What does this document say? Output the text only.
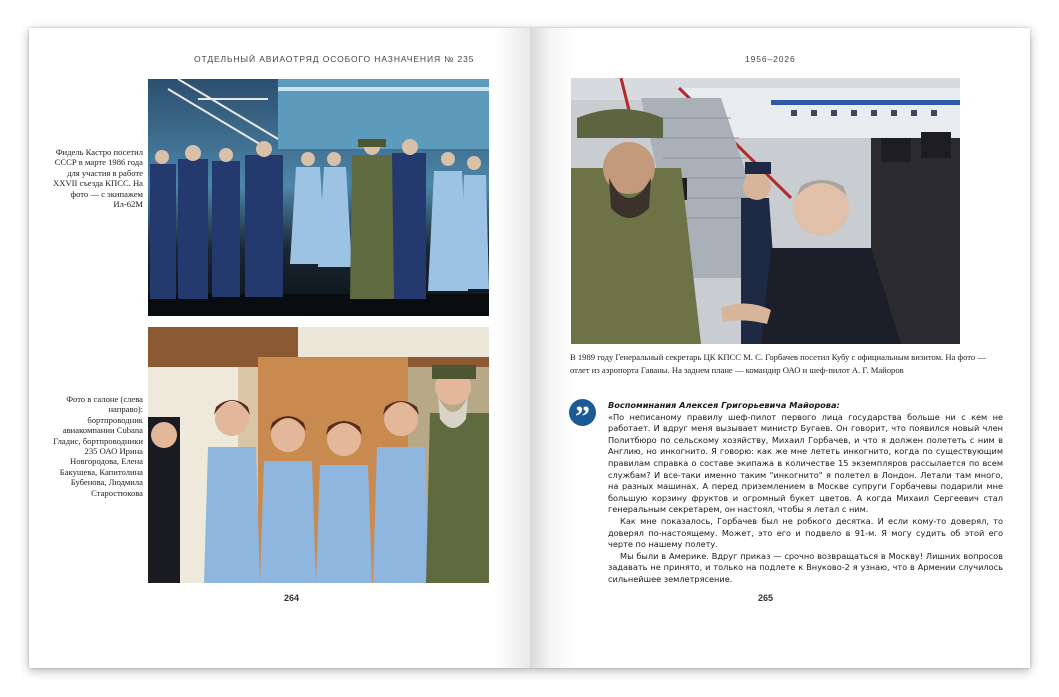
ОТДЕЛЬНЫЙ АВИАОТРЯД ОСОБОГО НАЗНАЧЕНИЯ № 235
Фидель Кастро посетил СССР в марте 1986 года для участия в работе XXVII съезда КПСС. На фото — с экипажем Ил-62М
Фото в салоне (слева направо): бортпроводник авиакомпании Cubana Гладис, бортпроводники 235 ОАО Ирина Новгородова, Елена Бакушева, Капитолина Бубенова, Людмила Старостюкова
264
1956–2026
В 1989 году Генеральный секретарь ЦК КПСС М. С. Горбачев посетил Кубу с официальным визитом. На фото — отлет из аэропорта Гаваны. На заднем плане — командир ОАО и шеф-пилот А. Г. Майоров
”	Воспоминания Алексея Григорьевича Майорова:

«По неписаному правилу шеф-пилот первого лица государства больше ни с кем не работает. И вдруг меня вызывает министр Бугаев. Он говорит, что появился новый член Политбюро по сельскому хозяйству, Михаил Горбачев, и что я должен полететь с ним в Англию, но инкогнито. Я говорю: как же мне лететь инкогнито, когда по существующим правилам справка о составе экипажа в количестве 15 экземпляров рассылается по всем службам? И все-таки именно таким "инкогнито" я полетел в Лондон. Летали там много, на разных машинах. А перед приземлением в Москве супруги Горбачевы подарили мне большую корзину фруктов и огромный букет цветов. А когда Михаил Сергеевич стал генеральным секретарем, он настоял, чтобы я летал с ним.

Как мне показалось, Горбачев был не робкого десятка. И если кому-то доверял, то доверял по-настоящему. Может, это его и подвело в 91-м. Я могу судить об этой его черте по нашему полету.

Мы были в Америке. Вдруг приказ — срочно возвращаться в Москву! Лишних вопросов задавать не принято, и только на подлете к Внуково-2 я узнаю, что в Армении случилось сильнейшее землетрясение.

265
